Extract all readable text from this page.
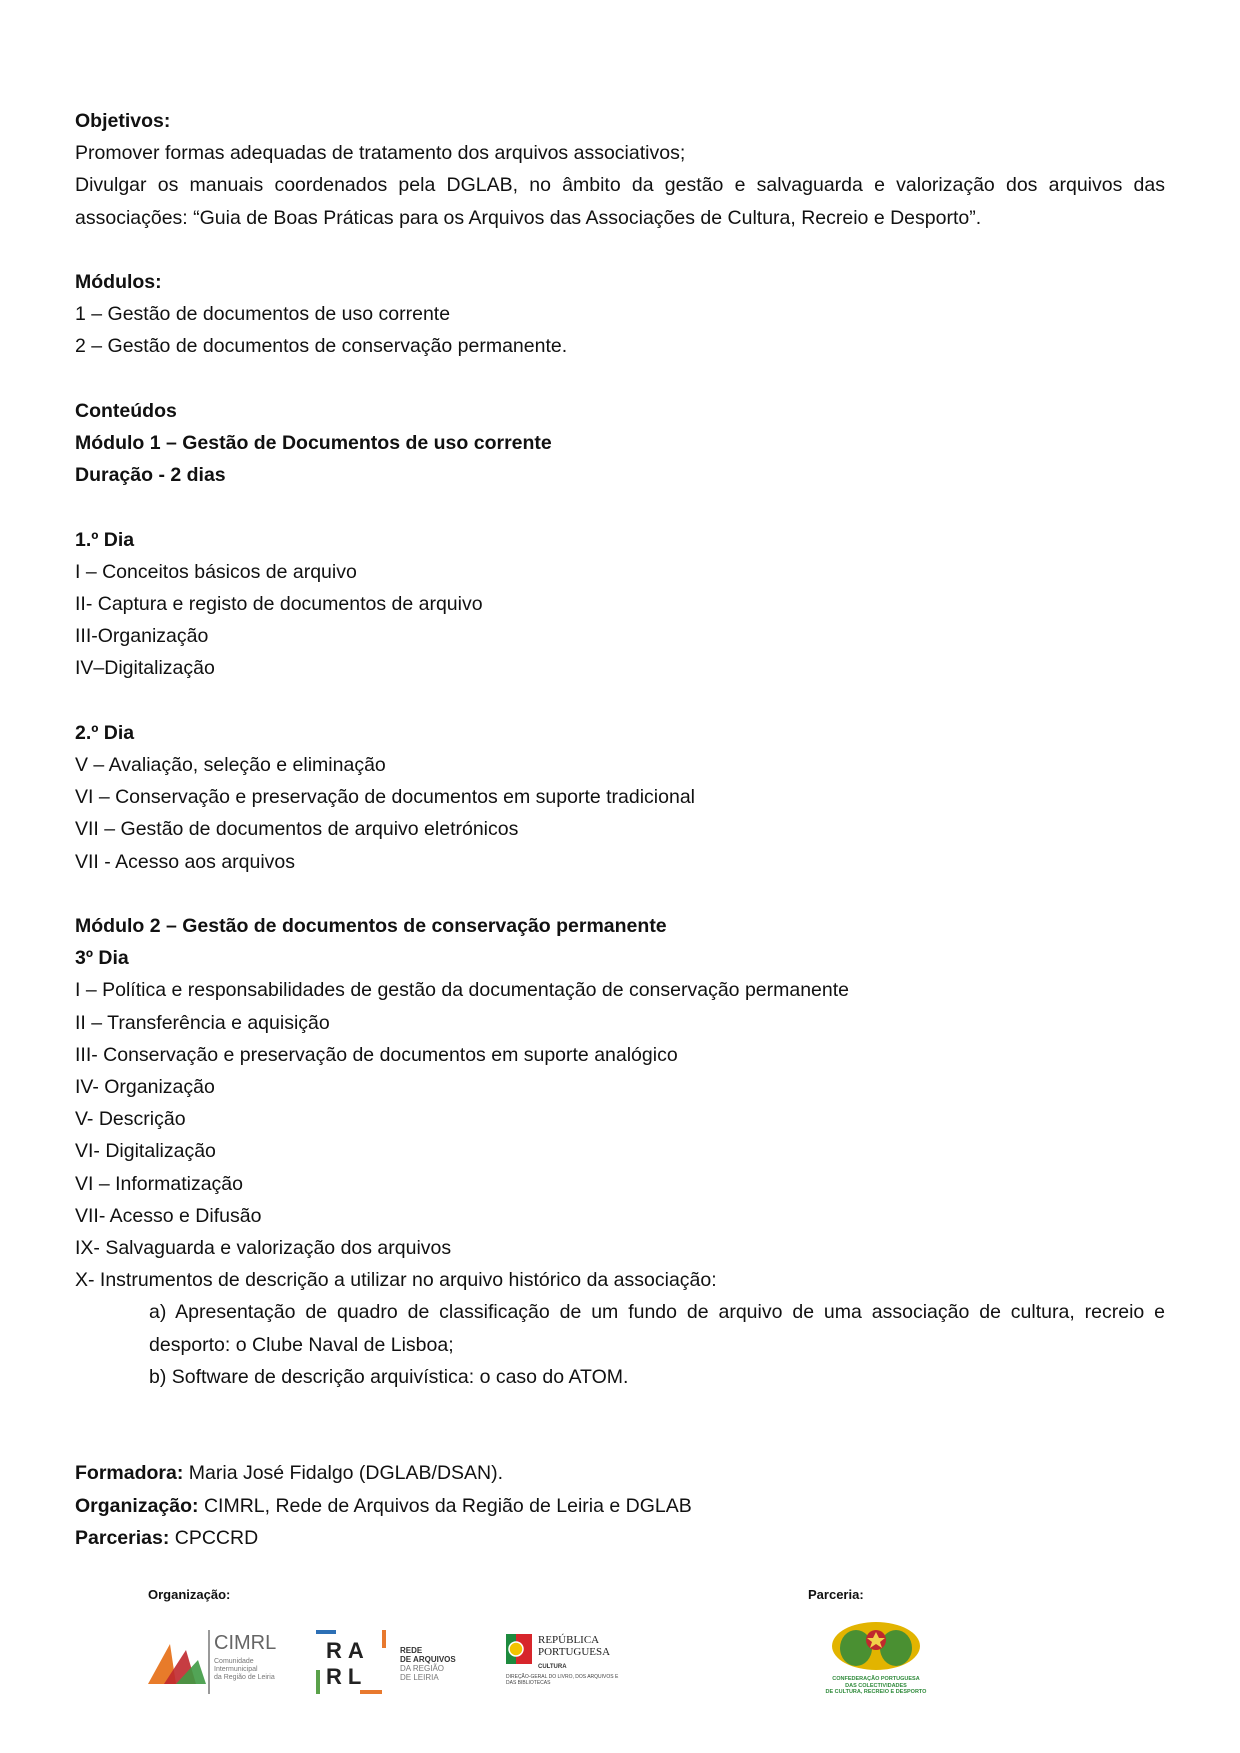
Objetivos:

Promover formas adequadas de tratamento dos arquivos associativos;

Divulgar os manuais coordenados pela DGLAB, no âmbito da gestão e salvaguarda e valorização dos arquivos das associações: “Guia de Boas Práticas para os Arquivos das Associações de Cultura, Recreio e Desporto”.

Módulos:

1 – Gestão de documentos de uso corrente

2 – Gestão de documentos de conservação permanente.

Conteúdos

Módulo 1 – Gestão de Documentos de uso corrente

Duração - 2 dias

1.º Dia

I – Conceitos básicos de arquivo

II- Captura e registo de documentos de arquivo

III-Organização

IV–Digitalização

2.º Dia

V – Avaliação, seleção e eliminação

VI – Conservação e preservação de documentos em suporte tradicional

VII – Gestão de documentos de arquivo eletrónicos

VII - Acesso aos arquivos

Módulo 2 – Gestão de documentos de conservação permanente

3º Dia

I – Política e responsabilidades de gestão da documentação de conservação permanente

II – Transferência e aquisição

III- Conservação e preservação de documentos em suporte analógico

IV- Organização

V- Descrição

VI- Digitalização

VI – Informatização

VII- Acesso e Difusão

IX- Salvaguarda e valorização dos arquivos

X- Instrumentos de descrição a utilizar no arquivo histórico da associação:

a) Apresentação de quadro de classificação de um fundo de arquivo de uma associação de cultura, recreio e desporto: o Clube Naval de Lisboa;

b) Software de descrição arquivística: o caso do ATOM.

Formadora: Maria José Fidalgo (DGLAB/DSAN).

Organização: CIMRL, Rede de Arquivos da Região de Leiria e DGLAB

Parcerias: CPCCRD

Organização:	Parceria:
CIMRL
Comunidade
Intermunicipal
da Região de Leiria
RA
RL
REDE
DE ARQUIVOS
DA REGIÃO
DE LEIRIA
REPÚBLICA
PORTUGUESA
CULTURA
DIREÇÃO-GERAL DO LIVRO, DOS ARQUIVOS E
DAS BIBLIOTECAS
CONFEDERAÇÃO PORTUGUESA
DAS COLECTIVIDADES
DE CULTURA, RECREIO E DESPORTO
